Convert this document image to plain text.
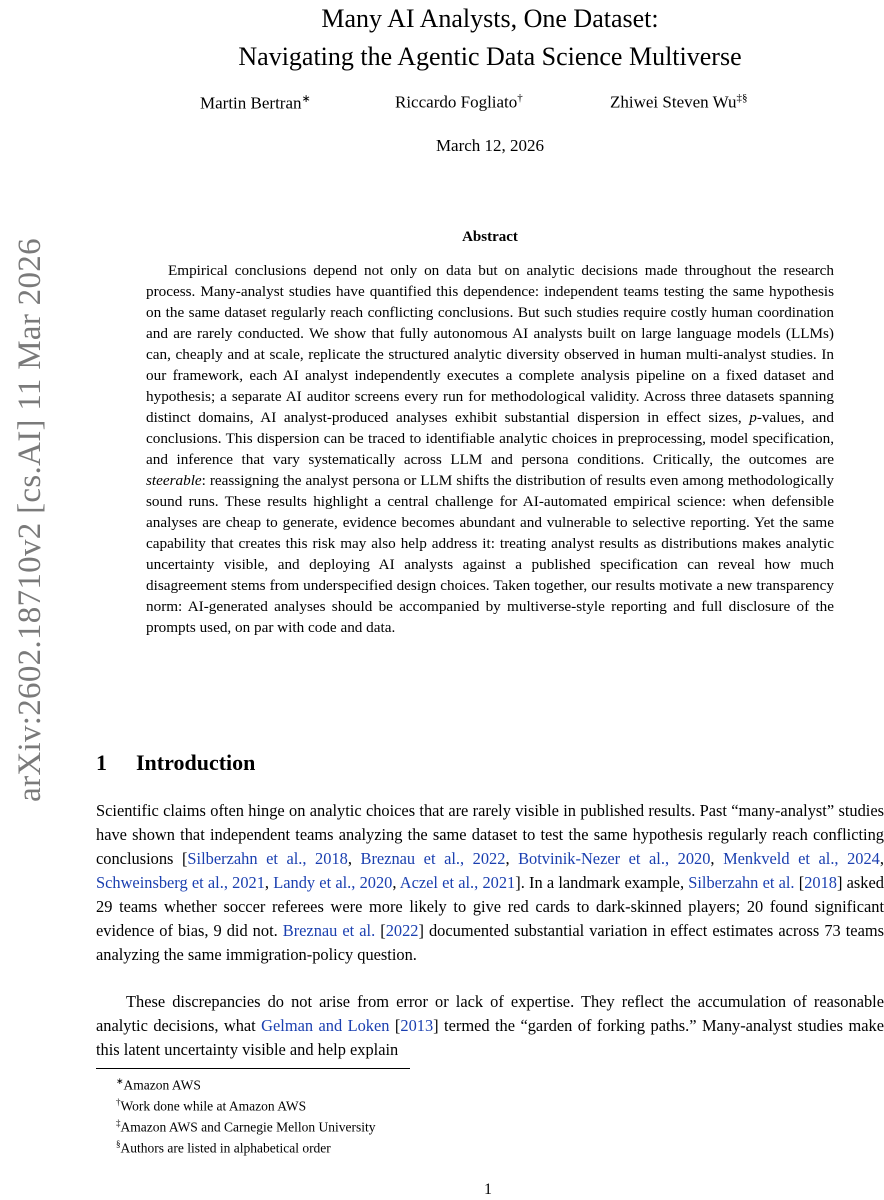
arXiv:2602.18710v2 [cs.AI] 11 Mar 2026
Many AI Analysts, One Dataset:
Navigating the Agentic Data Science Multiverse
Martin Bertran∗	Riccardo Fogliato†	Zhiwei Steven Wu‡§
March 12, 2026
Abstract

Empirical conclusions depend not only on data but on analytic decisions made throughout the research process. Many-analyst studies have quantified this dependence: independent teams testing the same hypothesis on the same dataset regularly reach conflicting conclusions. But such studies require costly human coordination and are rarely conducted. We show that fully autonomous AI analysts built on large language models (LLMs) can, cheaply and at scale, replicate the structured analytic diversity observed in human multi-analyst studies. In our framework, each AI analyst independently executes a complete analysis pipeline on a fixed dataset and hypothesis; a separate AI auditor screens every run for methodological validity. Across three datasets spanning distinct domains, AI analyst-produced analyses exhibit substantial dispersion in effect sizes, p-values, and conclusions. This dispersion can be traced to identifiable analytic choices in preprocessing, model specification, and inference that vary systematically across LLM and persona conditions. Critically, the outcomes are steerable: reassigning the analyst persona or LLM shifts the distribution of results even among methodologically sound runs. These results highlight a central challenge for AI-automated empirical science: when defensible analyses are cheap to generate, evidence becomes abundant and vulnerable to selective reporting. Yet the same capability that creates this risk may also help address it: treating analyst results as distributions makes analytic uncertainty visible, and deploying AI analysts against a published specification can reveal how much disagreement stems from underspecified design choices. Taken together, our results motivate a new transparency norm: AI-generated analyses should be accompanied by multiverse-style reporting and full disclosure of the prompts used, on par with code and data.

1 Introduction

Scientific claims often hinge on analytic choices that are rarely visible in published results. Past “many-analyst” studies have shown that independent teams analyzing the same dataset to test the same hypothesis regularly reach conflicting conclusions [Silberzahn et al., 2018, Breznau et al., 2022, Botvinik-Nezer et al., 2020, Menkveld et al., 2024, Schweinsberg et al., 2021, Landy et al., 2020, Aczel et al., 2021]. In a landmark example, Silberzahn et al. [2018] asked 29 teams whether soccer referees were more likely to give red cards to dark-skinned players; 20 found significant evidence of bias, 9 did not. Breznau et al. [2022] documented substantial variation in effect estimates across 73 teams analyzing the same immigration-policy question.

These discrepancies do not arise from error or lack of expertise. They reflect the accumulation of reasonable analytic decisions, what Gelman and Loken [2013] termed the “garden of forking paths.” Many-analyst studies make this latent uncertainty visible and help explain

∗Amazon AWS
†Work done while at Amazon AWS
‡Amazon AWS and Carnegie Mellon University
§Authors are listed in alphabetical order
1
